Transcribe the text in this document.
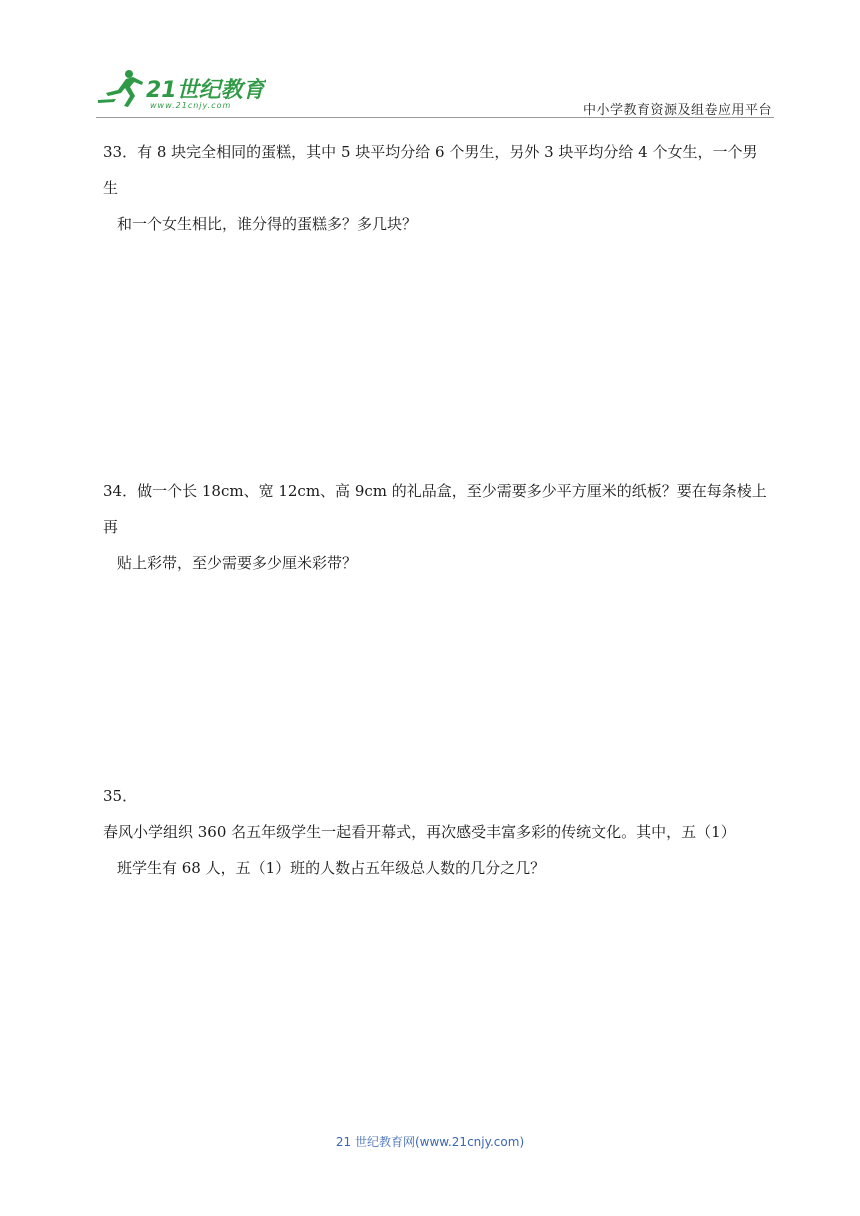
21世纪教育
www.21cnjy.com	中小学教育资源及组卷应用平台
33．有 8 块完全相同的蛋糕，其中 5 块平均分给 6 个男生，另外 3 块平均分给 4 个女生，一个男生
和一个女生相比，谁分得的蛋糕多？多几块？
34．做一个长 18cm、宽 12cm、高 9cm 的礼品盒，至少需要多少平方厘米的纸板？要在每条棱上再
贴上彩带，至少需要多少厘米彩带？
35．春风小学组织 360 名五年级学生一起看开幕式，再次感受丰富多彩的传统文化。其中，五（1）
班学生有 68 人，五（1）班的人数占五年级总人数的几分之几？
21 世纪教育网(www.21cnjy.com)
